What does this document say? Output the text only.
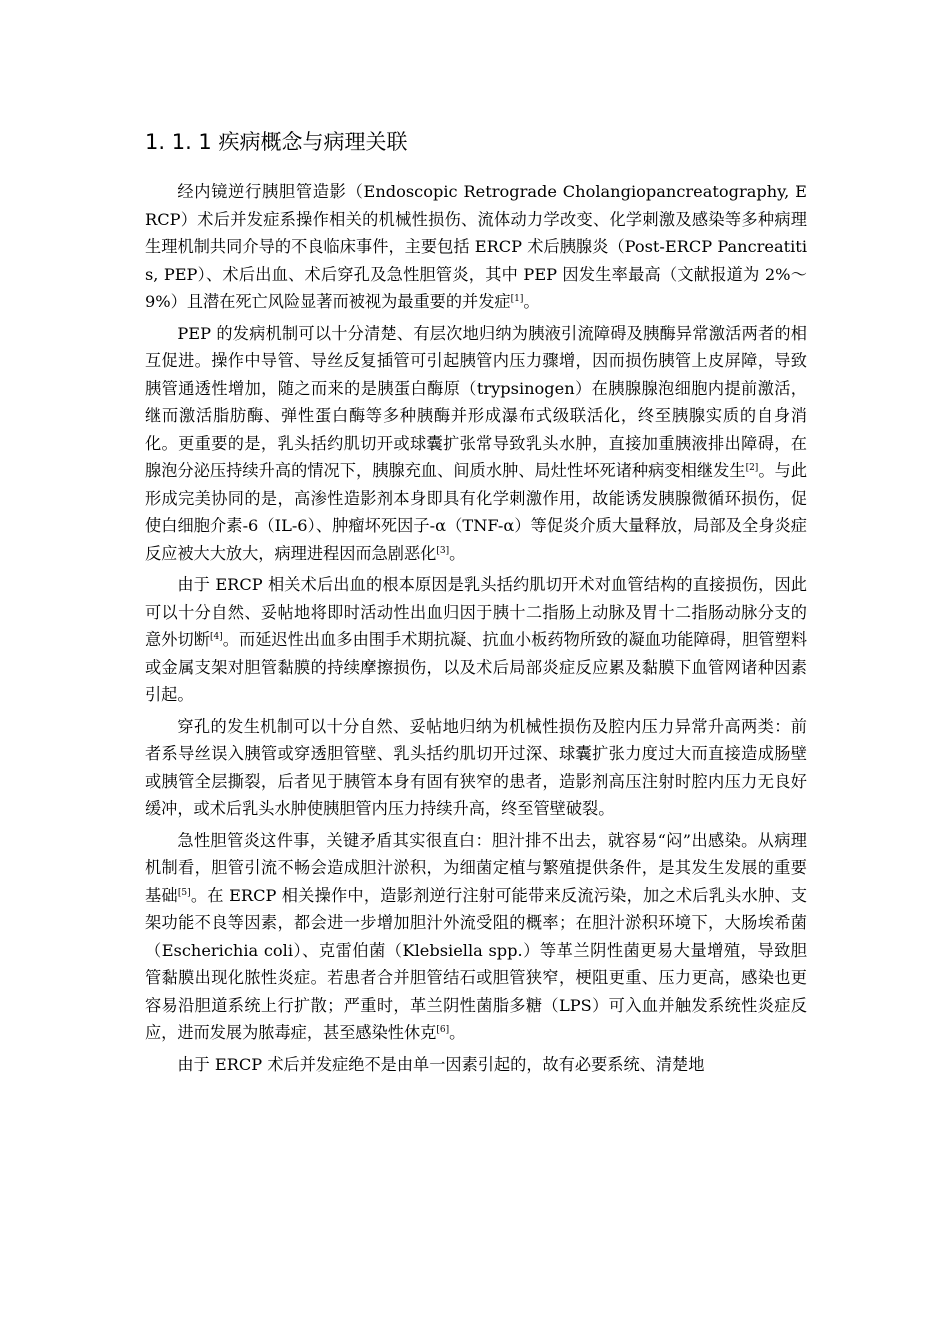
1. 1. 1 疾病概念与病理关联

经内镜逆行胰胆管造影（Endoscopic Retrograde Cholangiopancreatography, ERCP）术后并发症系操作相关的机械性损伤、流体动力学改变、化学刺激及感染等多种病理生理机制共同介导的不良临床事件，主要包括 ERCP 术后胰腺炎（Post-ERCP Pancreatitis, PEP）、术后出血、术后穿孔及急性胆管炎，其中 PEP 因发生率最高（文献报道为 2%～9%）且潜在死亡风险显著而被视为最重要的并发症[1]。

PEP 的发病机制可以十分清楚、有层次地归纳为胰液引流障碍及胰酶异常激活两者的相互促进。操作中导管、导丝反复插管可引起胰管内压力骤增，因而损伤胰管上皮屏障，导致胰管通透性增加，随之而来的是胰蛋白酶原（trypsinogen）在胰腺腺泡细胞内提前激活，继而激活脂肪酶、弹性蛋白酶等多种胰酶并形成瀑布式级联活化，终至胰腺实质的自身消化。更重要的是，乳头括约肌切开或球囊扩张常导致乳头水肿，直接加重胰液排出障碍，在腺泡分泌压持续升高的情况下，胰腺充血、间质水肿、局灶性坏死诸种病变相继发生[2]。与此形成完美协同的是，高渗性造影剂本身即具有化学刺激作用，故能诱发胰腺微循环损伤，促使白细胞介素-6（IL-6）、肿瘤坏死因子-α（TNF-α）等促炎介质大量释放，局部及全身炎症反应被大大放大，病理进程因而急剧恶化[3]。

由于 ERCP 相关术后出血的根本原因是乳头括约肌切开术对血管结构的直接损伤，因此可以十分自然、妥帖地将即时活动性出血归因于胰十二指肠上动脉及胃十二指肠动脉分支的意外切断[4]。而延迟性出血多由围手术期抗凝、抗血小板药物所致的凝血功能障碍，胆管塑料或金属支架对胆管黏膜的持续摩擦损伤，以及术后局部炎症反应累及黏膜下血管网诸种因素引起。

穿孔的发生机制可以十分自然、妥帖地归纳为机械性损伤及腔内压力异常升高两类：前者系导丝误入胰管或穿透胆管壁、乳头括约肌切开过深、球囊扩张力度过大而直接造成肠壁或胰管全层撕裂，后者见于胰管本身有固有狭窄的患者，造影剂高压注射时腔内压力无良好缓冲，或术后乳头水肿使胰胆管内压力持续升高，终至管壁破裂。

急性胆管炎这件事，关键矛盾其实很直白：胆汁排不出去，就容易“闷”出感染。从病理机制看，胆管引流不畅会造成胆汁淤积，为细菌定植与繁殖提供条件，是其发生发展的重要基础[5]。在 ERCP 相关操作中，造影剂逆行注射可能带来反流污染，加之术后乳头水肿、支架功能不良等因素，都会进一步增加胆汁外流受阻的概率；在胆汁淤积环境下，大肠埃希菌（Escherichia coli）、克雷伯菌（Klebsiella spp.）等革兰阴性菌更易大量增殖，导致胆管黏膜出现化脓性炎症。若患者合并胆管结石或胆管狭窄，梗阻更重、压力更高，感染也更容易沿胆道系统上行扩散；严重时，革兰阴性菌脂多糖（LPS）可入血并触发系统性炎症反应，进而发展为脓毒症，甚至感染性休克[6]。

由于 ERCP 术后并发症绝不是由单一因素引起的，故有必要系统、清楚地
